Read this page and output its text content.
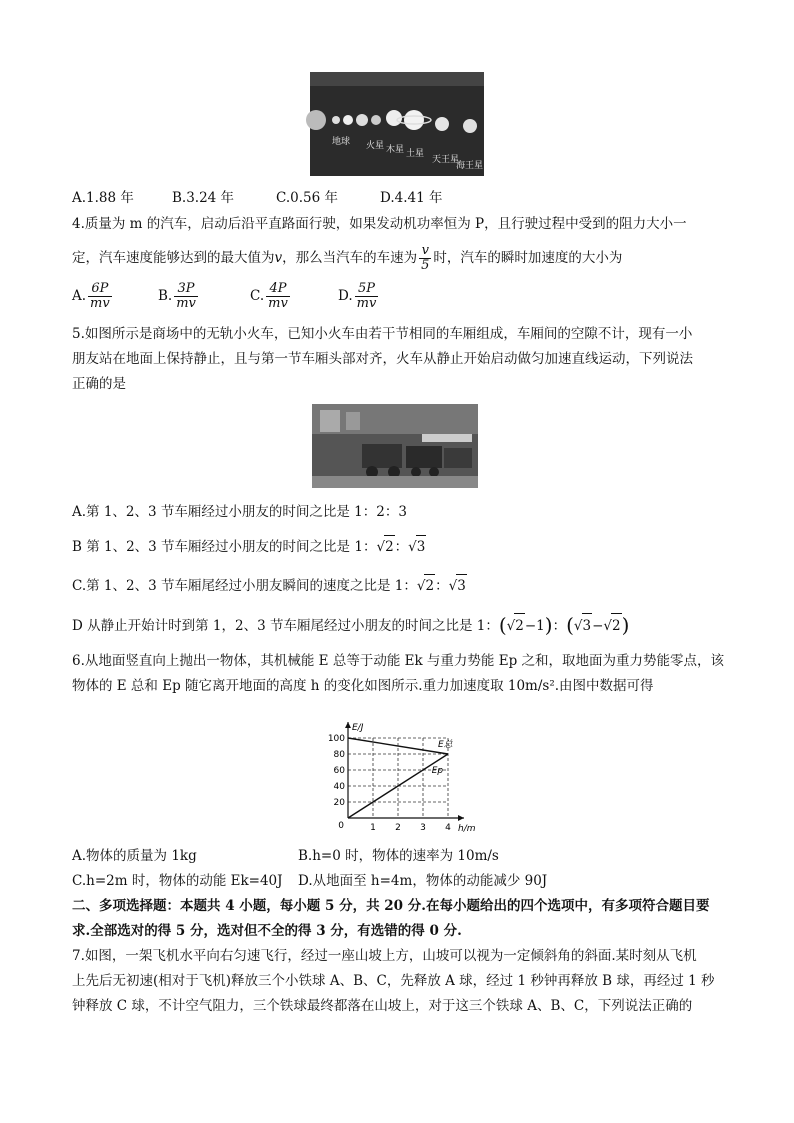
地球 火星 木星 土星
天王星
海王星
A.1.88 年	B.3.24 年	C.0.56 年	D.4.41 年
4.质量为 m 的汽车，启动后沿平直路面行驶，如果发动机功率恒为 P，且行驶过程中受到的阻力大小一
定，汽车速度能够达到的最大值为v，那么当汽车的车速为 $\frac{v}{5}$ 时，汽车的瞬时加速度的大小为
A. $\frac{6P}{mv}$	B. $\frac{3P}{mv}$	C. $\frac{4P}{mv}$	D. $\frac{5P}{mv}$
5.如图所示是商场中的无轨小火车，已知小火车由若干节相同的车厢组成，车厢间的空隙不计，现有一小
朋友站在地面上保持静止，且与第一节车厢头部对齐，火车从静止开始启动做匀加速直线运动，下列说法
正确的是
A.第 1、2、3 节车厢经过小朋友的时间之比是 1：2：3
B 第 1、2、3 节车厢经过小朋友的时间之比是 1：√2：√3
C.第 1、2、3 节车厢尾经过小朋友瞬间的速度之比是 1：√2：√3
D 从静止开始计时到第 1，2、3 节车厢尾经过小朋友的时间之比是 1：(√2−1)：(√3−√2)
6.从地面竖直向上抛出一物体，其机械能 E 总等于动能 Ek 与重力势能 Ep 之和，取地面为重力势能零点，该
物体的 E 总和 Ep 随它离开地面的高度 h 的变化如图所示.重力加速度取 10m/s².由图中数据可得
1 2 3 4
0
20
40
60
80
100
h/m
E/J
E总
Ep
A.物体的质量为 1kg	B.h=0 时，物体的速率为 10m/s
C.h=2m 时，物体的动能 Ek=40J D.从地面至 h=4m，物体的动能减少 90J
二、多项选择题：本题共 4 小题，每小题 5 分，共 20 分.在每小题给出的四个选项中，有多项符合题目要
求.全部选对的得 5 分，选对但不全的得 3 分，有选错的得 0 分.
7.如图，一架飞机水平向右匀速飞行，经过一座山坡上方，山坡可以视为一定倾斜角的斜面.某时刻从飞机
上先后无初速(相对于飞机)释放三个小铁球 A、B、C，先释放 A 球，经过 1 秒钟再释放 B 球，再经过 1 秒
钟释放 C 球，不计空气阻力，三个铁球最终都落在山坡上，对于这三个铁球 A、B、C，下列说法正确的
